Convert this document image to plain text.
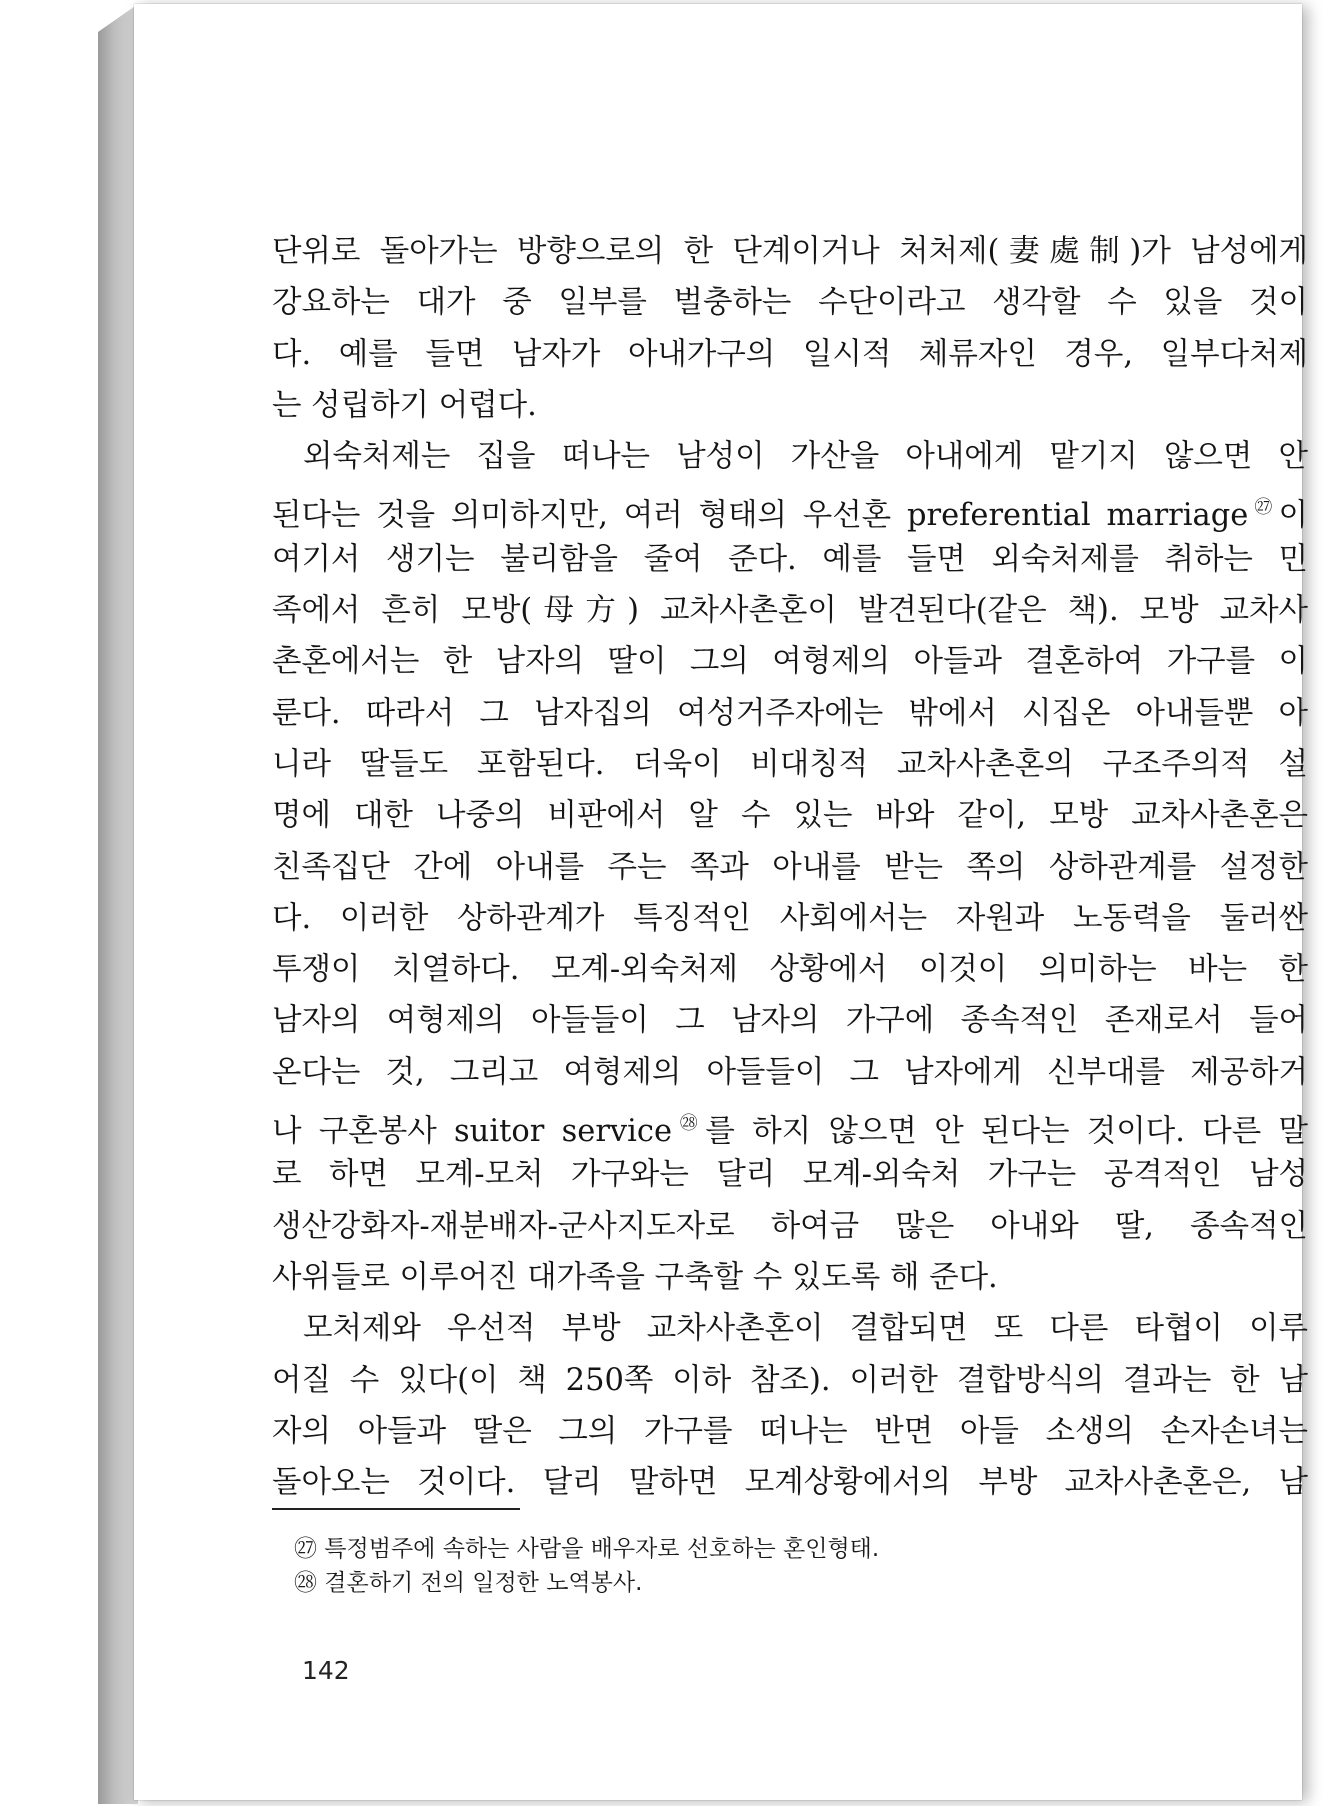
단위로 돌아가는 방향으로의 한 단계이거나 처처제(妻處制)가 남성에게
강요하는 대가 중 일부를 벌충하는 수단이라고 생각할 수 있을 것이
다. 예를 들면 남자가 아내가구의 일시적 체류자인 경우, 일부다처제
는 성립하기 어렵다.
외숙처제는 집을 떠나는 남성이 가산을 아내에게 맡기지 않으면 안
된다는 것을 의미하지만, 여러 형태의 우선혼 preferential marriage$^㉗$이
여기서 생기는 불리함을 줄여 준다. 예를 들면 외숙처제를 취하는 민
족에서 흔히 모방(母方) 교차사촌혼이 발견된다(같은 책). 모방 교차사
촌혼에서는 한 남자의 딸이 그의 여형제의 아들과 결혼하여 가구를 이
룬다. 따라서 그 남자집의 여성거주자에는 밖에서 시집온 아내들뿐 아
니라 딸들도 포함된다. 더욱이 비대칭적 교차사촌혼의 구조주의적 설
명에 대한 나중의 비판에서 알 수 있는 바와 같이, 모방 교차사촌혼은
친족집단 간에 아내를 주는 쪽과 아내를 받는 쪽의 상하관계를 설정한
다. 이러한 상하관계가 특징적인 사회에서는 자원과 노동력을 둘러싼
투쟁이 치열하다. 모계-외숙처제 상황에서 이것이 의미하는 바는 한
남자의 여형제의 아들들이 그 남자의 가구에 종속적인 존재로서 들어
온다는 것, 그리고 여형제의 아들들이 그 남자에게 신부대를 제공하거
나 구혼봉사 suitor service$^㉘$를 하지 않으면 안 된다는 것이다. 다른 말
로 하면 모계-모처 가구와는 달리 모계-외숙처 가구는 공격적인 남성
생산강화자-재분배자-군사지도자로 하여금 많은 아내와 딸, 종속적인
사위들로 이루어진 대가족을 구축할 수 있도록 해 준다.
모처제와 우선적 부방 교차사촌혼이 결합되면 또 다른 타협이 이루
어질 수 있다(이 책 250쪽 이하 참조). 이러한 결합방식의 결과는 한 남
자의 아들과 딸은 그의 가구를 떠나는 반면 아들 소생의 손자손녀는
돌아오는 것이다. 달리 말하면 모계상황에서의 부방 교차사촌혼은, 남
㉗ 특정범주에 속하는 사람을 배우자로 선호하는 혼인형태.
㉘ 결혼하기 전의 일정한 노역봉사.
142
